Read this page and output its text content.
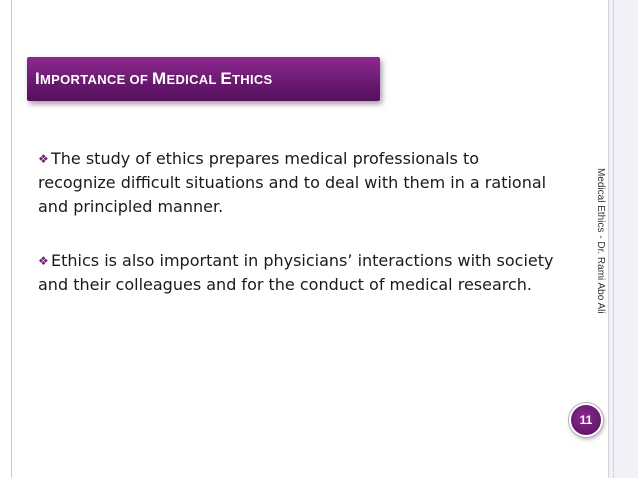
IMPORTANCE OF MEDICAL ETHICS

❖ The study of ethics prepares medical professionals to recognize difficult situations and to deal with them in a rational and principled manner.

❖ Ethics is also important in physicians’ interactions with society and their colleagues and for the conduct of medical research.	Medical Ethics - Dr. Rami Abo Ali
11
